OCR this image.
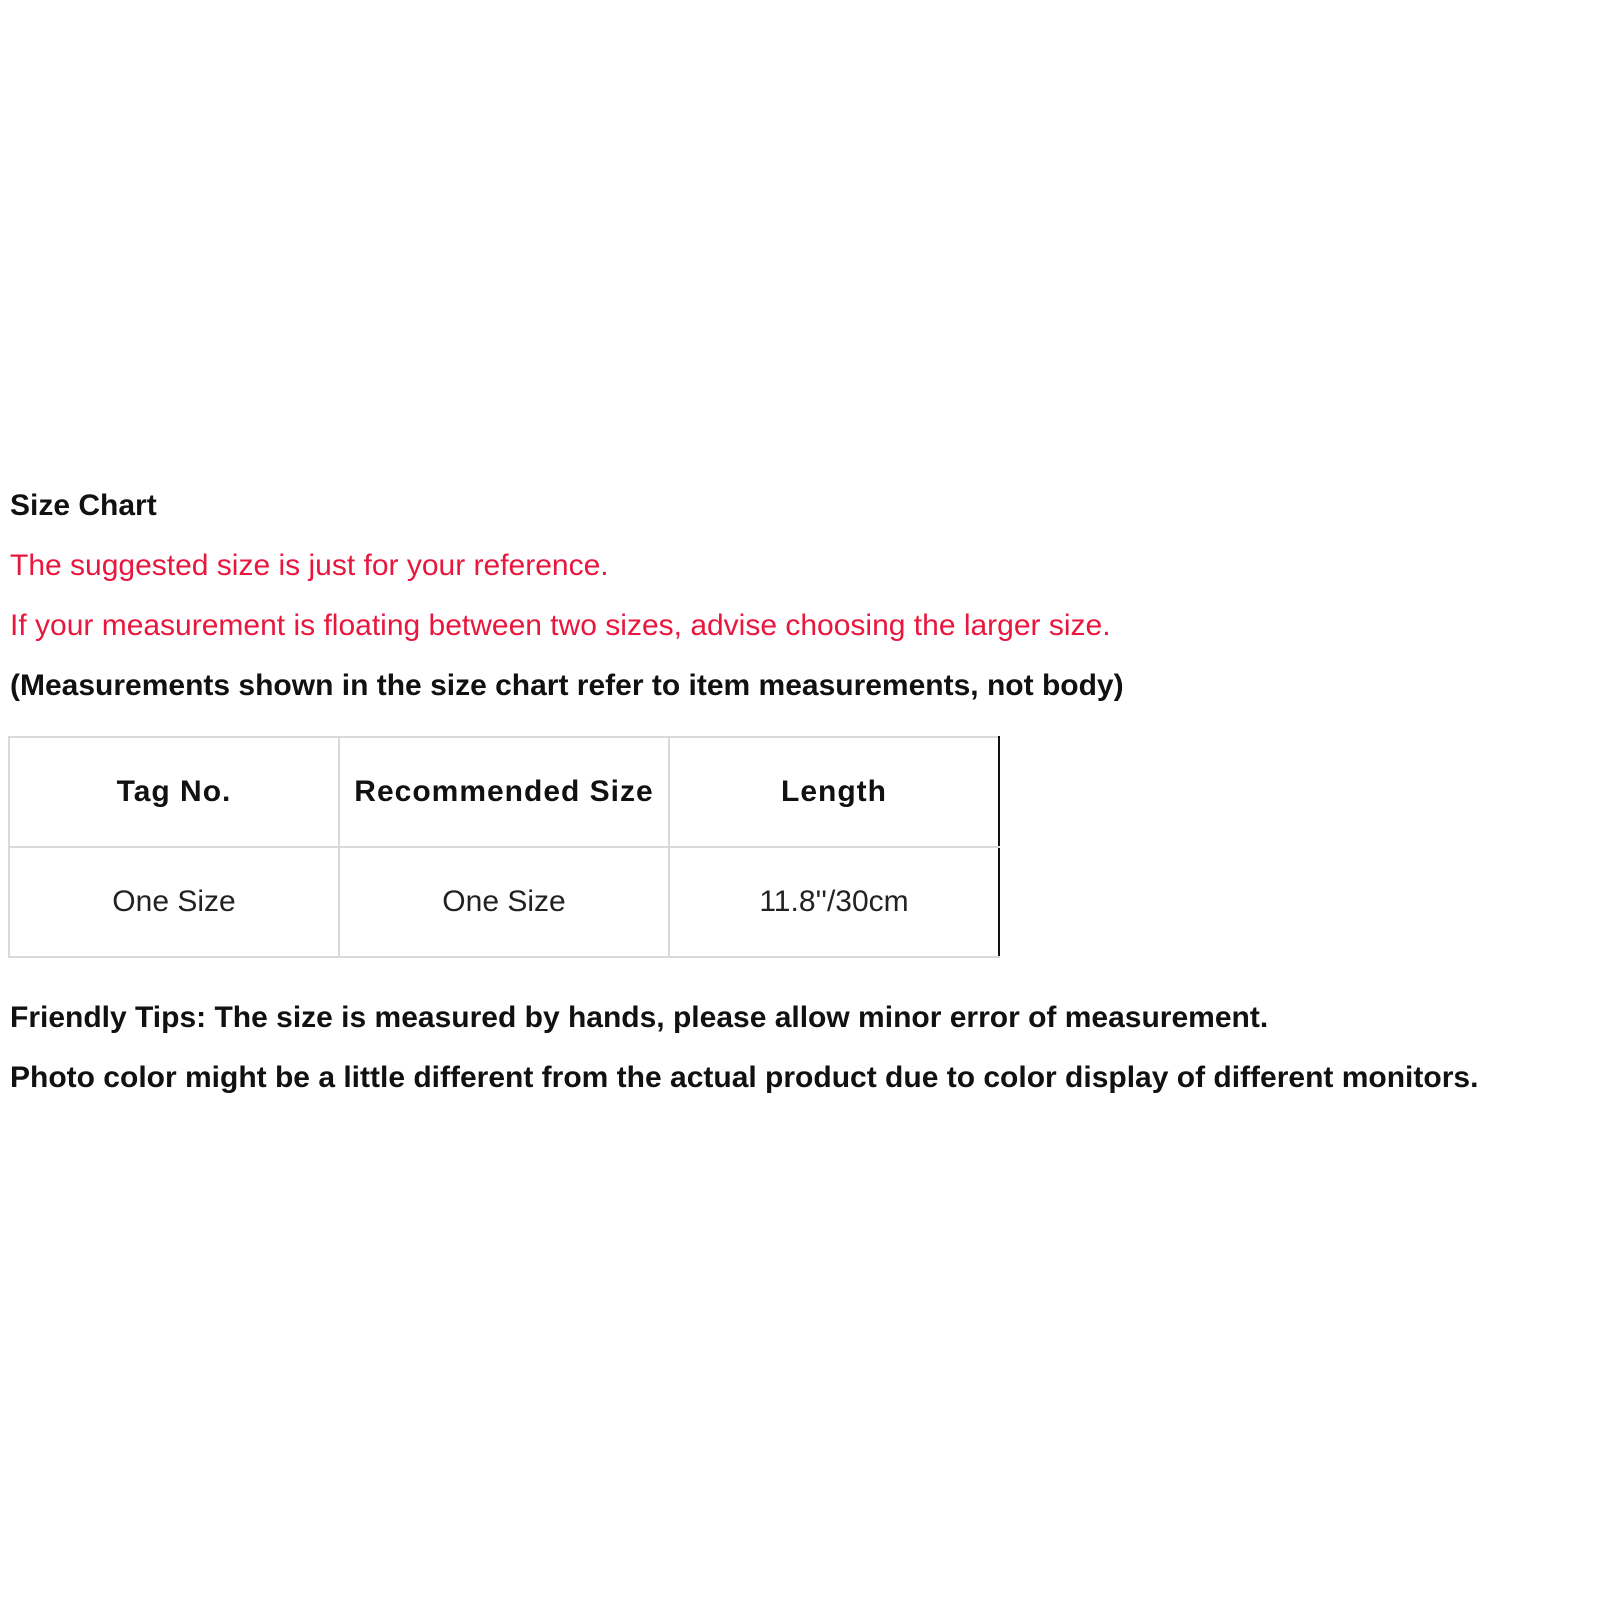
Size Chart

The suggested size is just for your reference.

If your measurement is floating between two sizes, advise choosing the larger size.

(Measurements shown in the size chart refer to item measurements, not body)

Tag No.	Recommended Size	Length
One Size	One Size	11.8''/30cm

Friendly Tips: The size is measured by hands, please allow minor error of measurement.

Photo color might be a little different from the actual product due to color display of different monitors.
